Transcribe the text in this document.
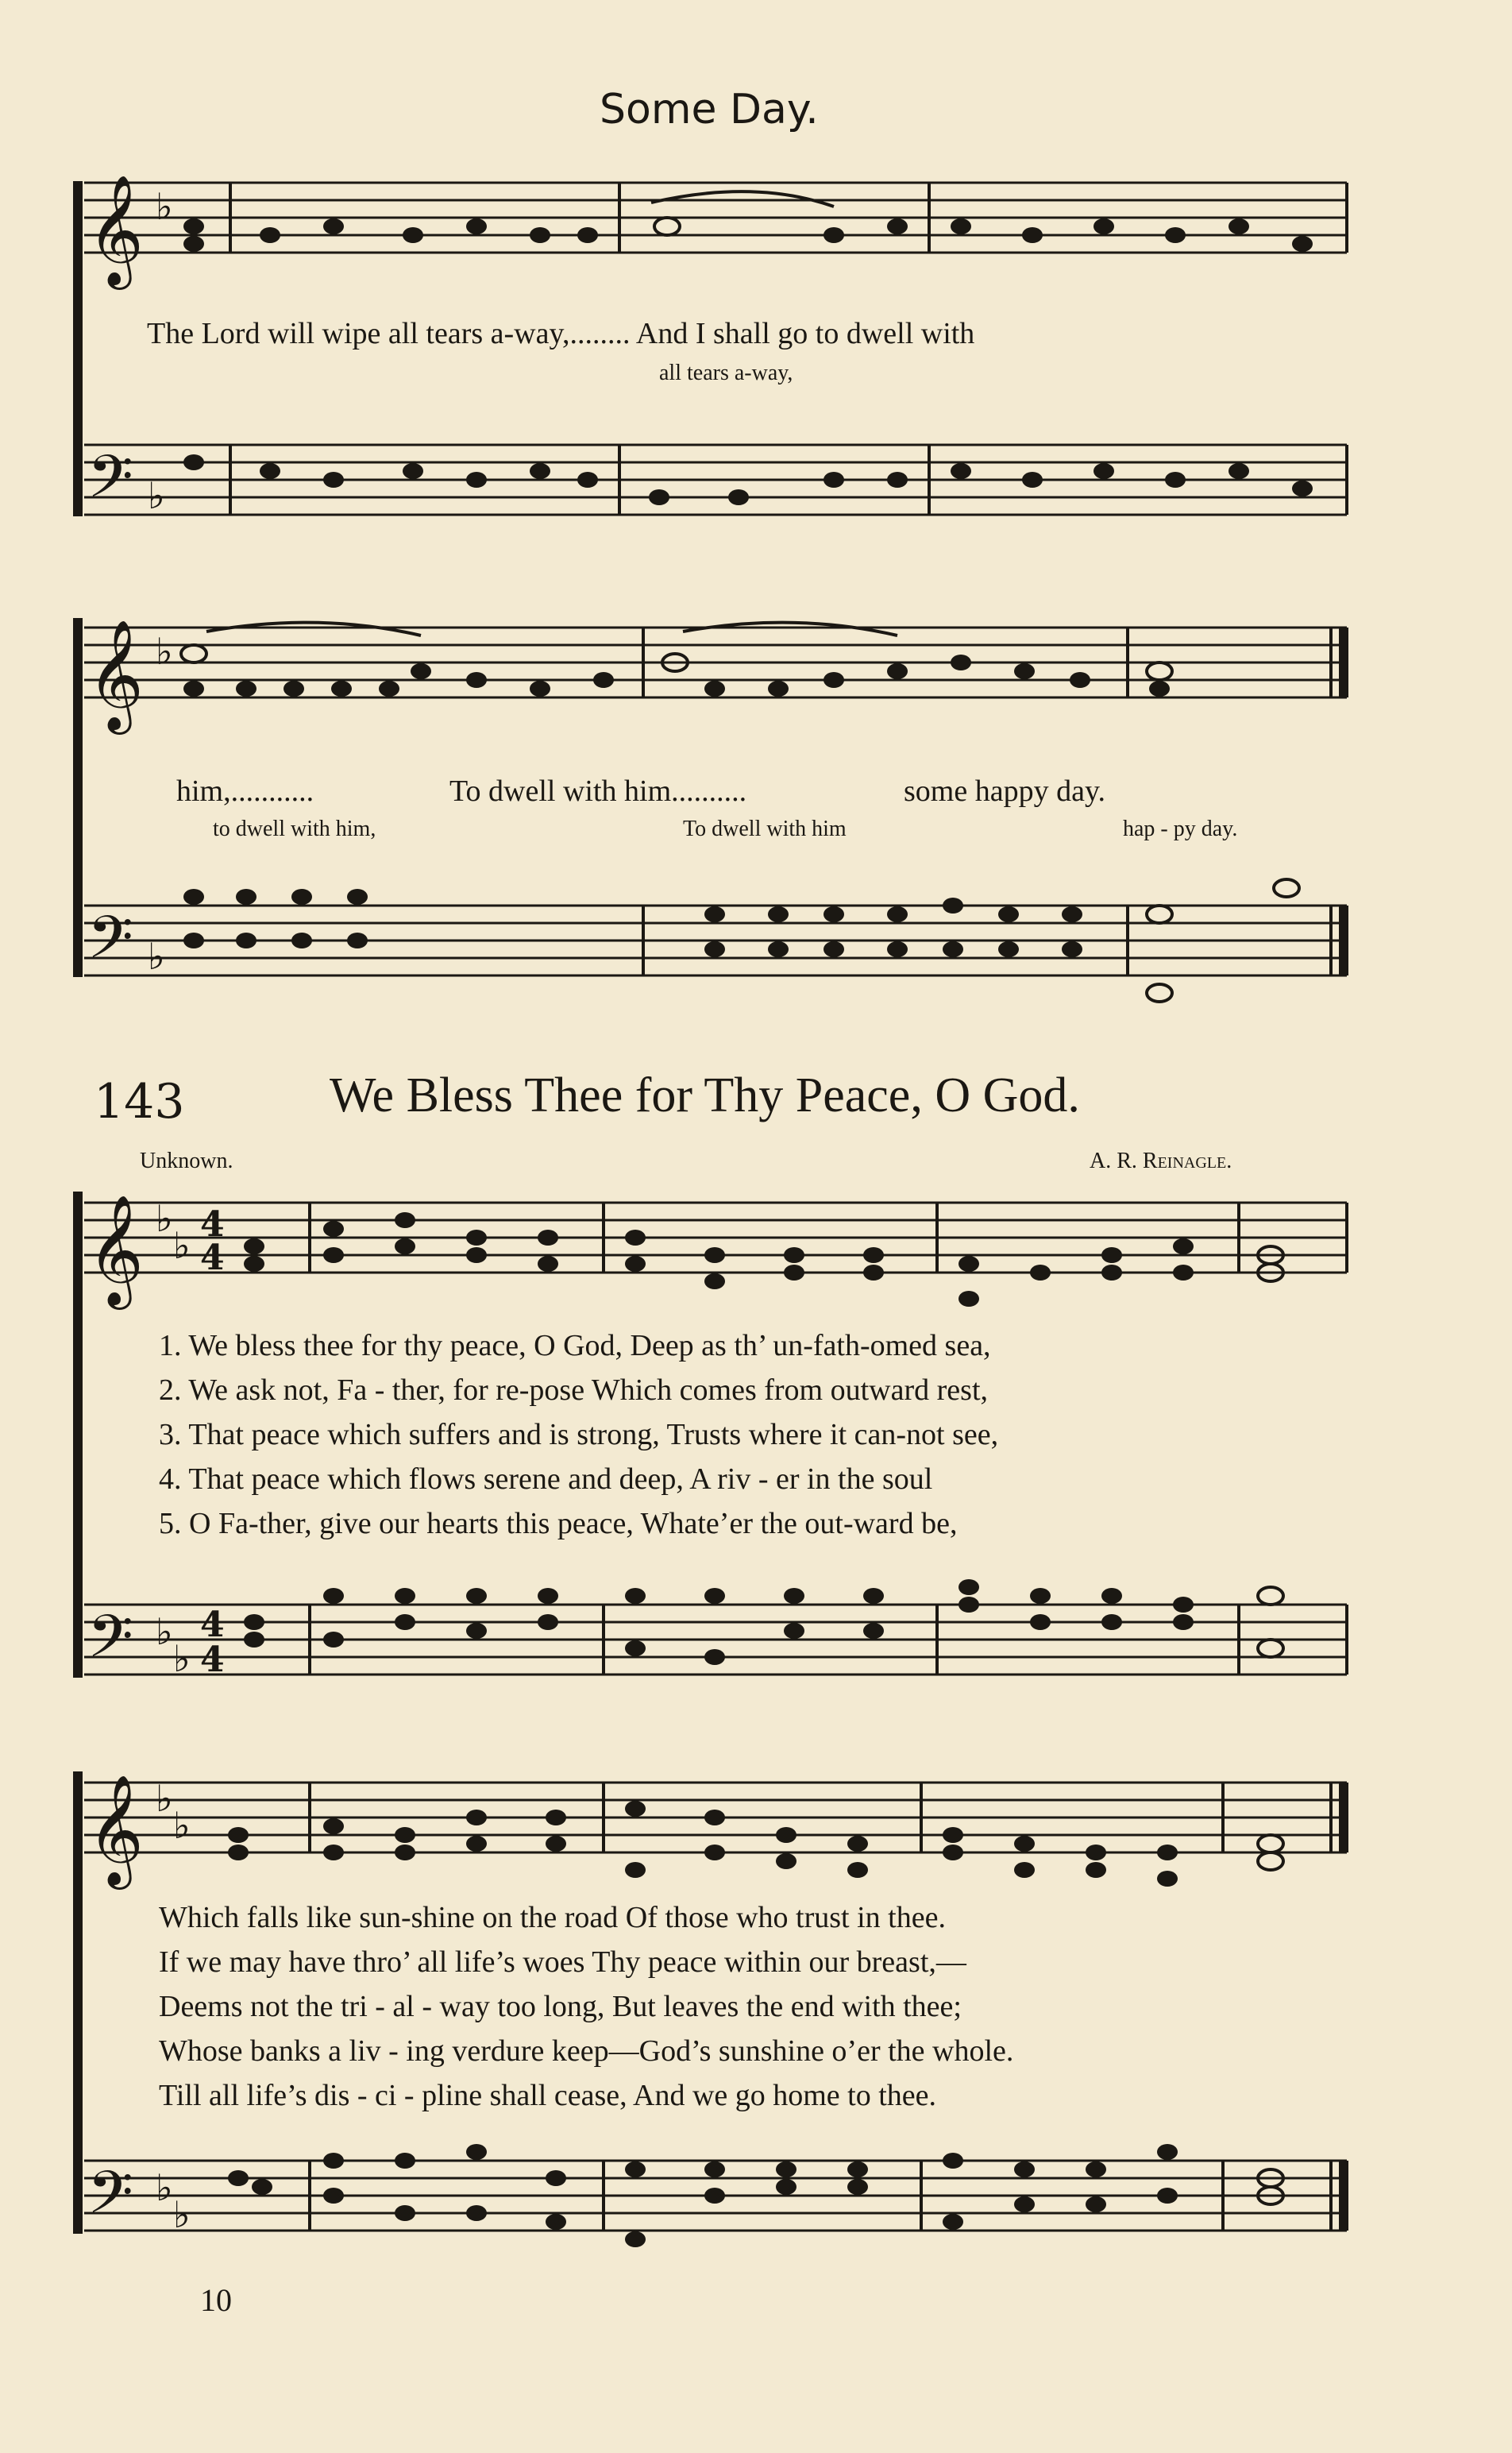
Some Day.
𝄞 ♭
𝄢 ♭
𝄞 ♭
𝄢 ♭
𝄞 ♭
♭ 4
4
𝄢 ♭
♭
4
4
𝄞 ♭
♭
𝄢 ♭
♭
The Lord will wipe all tears a-way,........ And I shall go to dwell with
all tears a-way,
him,...........	To dwell with him..........	some happy day.
to dwell with him,	To dwell with him	hap - py day.
143	We Bless Thee for Thy Peace, O God.
Unknown.	A. R. Reinagle.
1. We bless thee for thy peace, O God, Deep as th’ un-fath-omed sea,
2. We ask not, Fa - ther, for re-pose Which comes from outward rest,
3. That peace which suffers and is strong, Trusts where it can-not see,
4. That peace which flows serene and deep, A riv - er in the soul
5. O Fa-ther, give our hearts this peace, Whate’er the out-ward be,
Which falls like sun-shine on the road Of those who trust in thee.
If we may have thro’ all life’s woes Thy peace within our breast,—
Deems not the tri - al - way too long, But leaves the end with thee;
Whose banks a liv - ing verdure keep—God’s sunshine o’er the whole.
Till all life’s dis - ci - pline shall cease, And we go home to thee.
10
